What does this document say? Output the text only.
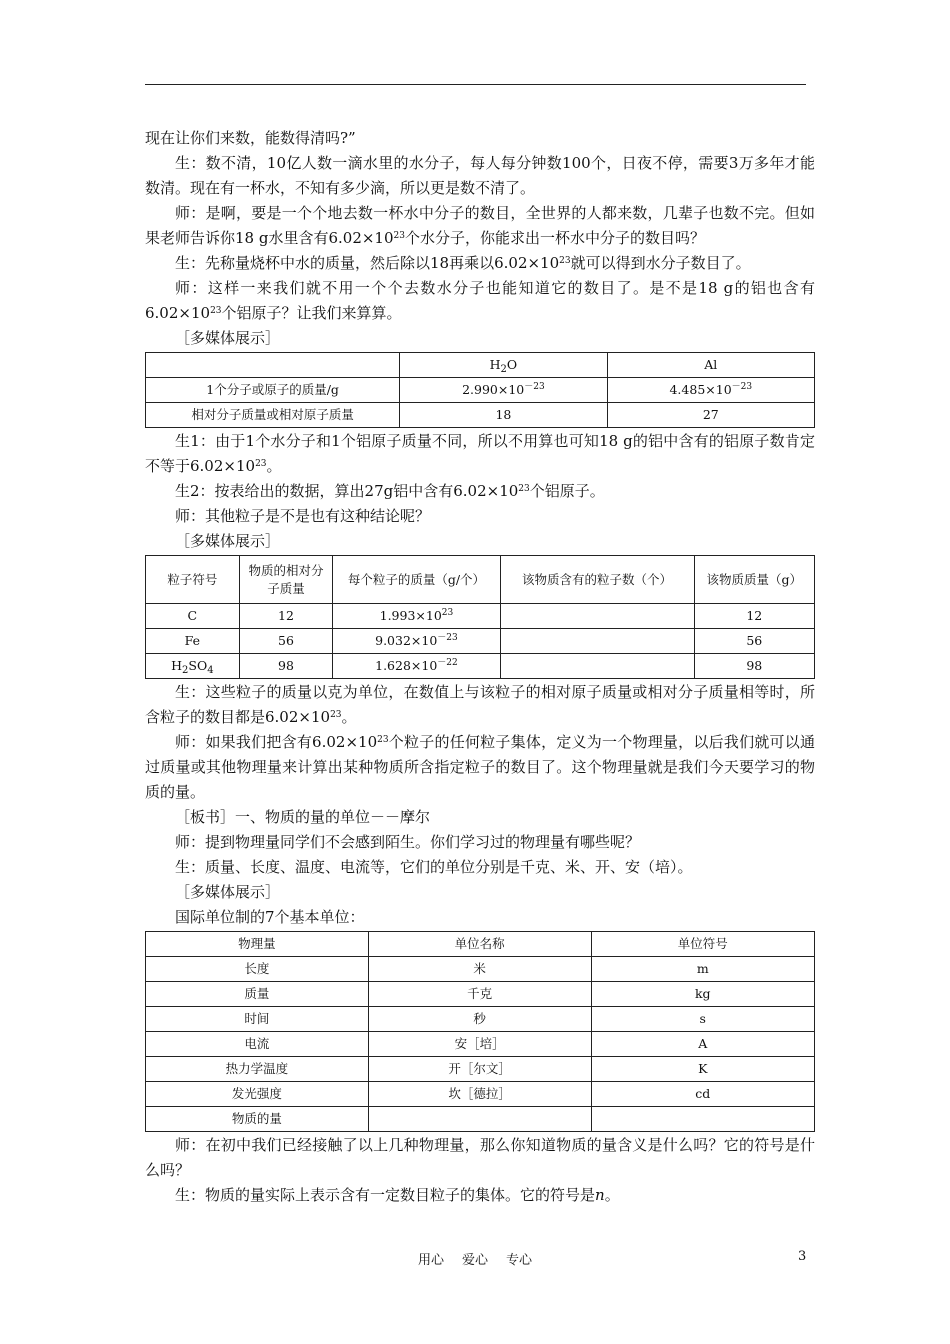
现在让你们来数，能数得清吗?”

生：数不清，10亿人数一滴水里的水分子，每人每分钟数100个，日夜不停，需要3万多年才能数清。现在有一杯水，不知有多少滴，所以更是数不清了。

师：是啊，要是一个个地去数一杯水中分子的数目，全世界的人都来数，几辈子也数不完。但如果老师告诉你18 g水里含有$6.02\times 10^{23}$个水分子，你能求出一杯水中分子的数目吗？

生：先称量烧杯中水的质量，然后除以18再乘以$6.02\times 10^{23}$就可以得到水分子数目了。

师：这样一来我们就不用一个个去数水分子也能知道它的数目了。是不是18 g的铝也含有$6.02\times 10^{23}$个铝原子？让我们来算算。

［多媒体展示］

	$H_2O$	Al
1个分子或原子的质量/g	$2.990\times 10^{-23}$	$4.485\times 10^{-23}$
相对分子质量或相对原子质量	18	27

生1：由于1个水分子和1个铝原子质量不同，所以不用算也可知18 g的铝中含有的铝原子数肯定不等于$6.02\times 10^{23}$。

生2：按表给出的数据，算出27g铝中含有$6.02\times 10^{23}$个铝原子。

师：其他粒子是不是也有这种结论呢？

［多媒体展示］

粒子符号	物质的相对分子质量	每个粒子的质量（g/个）	该物质含有的粒子数（个）	该物质质量（g）
C	12	$1.993\times 10^{23}$		12
Fe	56	$9.032\times 10^{-23}$		56
$H_2SO_4$	98	$1.628\times 10^{-22}$		98

生：这些粒子的质量以克为单位，在数值上与该粒子的相对原子质量或相对分子质量相等时，所含粒子的数目都是$6.02\times 10^{23}$。

师：如果我们把含有$6.02\times 10^{23}$个粒子的任何粒子集体，定义为一个物理量，以后我们就可以通过质量或其他物理量来计算出某种物质所含指定粒子的数目了。这个物理量就是我们今天要学习的物质的量。

［板书］一、物质的量的单位－－摩尔

师：提到物理量同学们不会感到陌生。你们学习过的物理量有哪些呢？

生：质量、长度、温度、电流等，它们的单位分别是千克、米、开、安（培）。

［多媒体展示］

国际单位制的7个基本单位：

物理量	单位名称	单位符号
长度	米	m
质量	千克	kg
时间	秒	s
电流	安［培］	A
热力学温度	开［尔文］	K
发光强度	坎［德拉］	cd
物质的量		

师：在初中我们已经接触了以上几种物理量，那么你知道物质的量含义是什么吗？它的符号是什么吗？

生：物质的量实际上表示含有一定数目粒子的集体。它的符号是n。

用心 爱心 专心	3
